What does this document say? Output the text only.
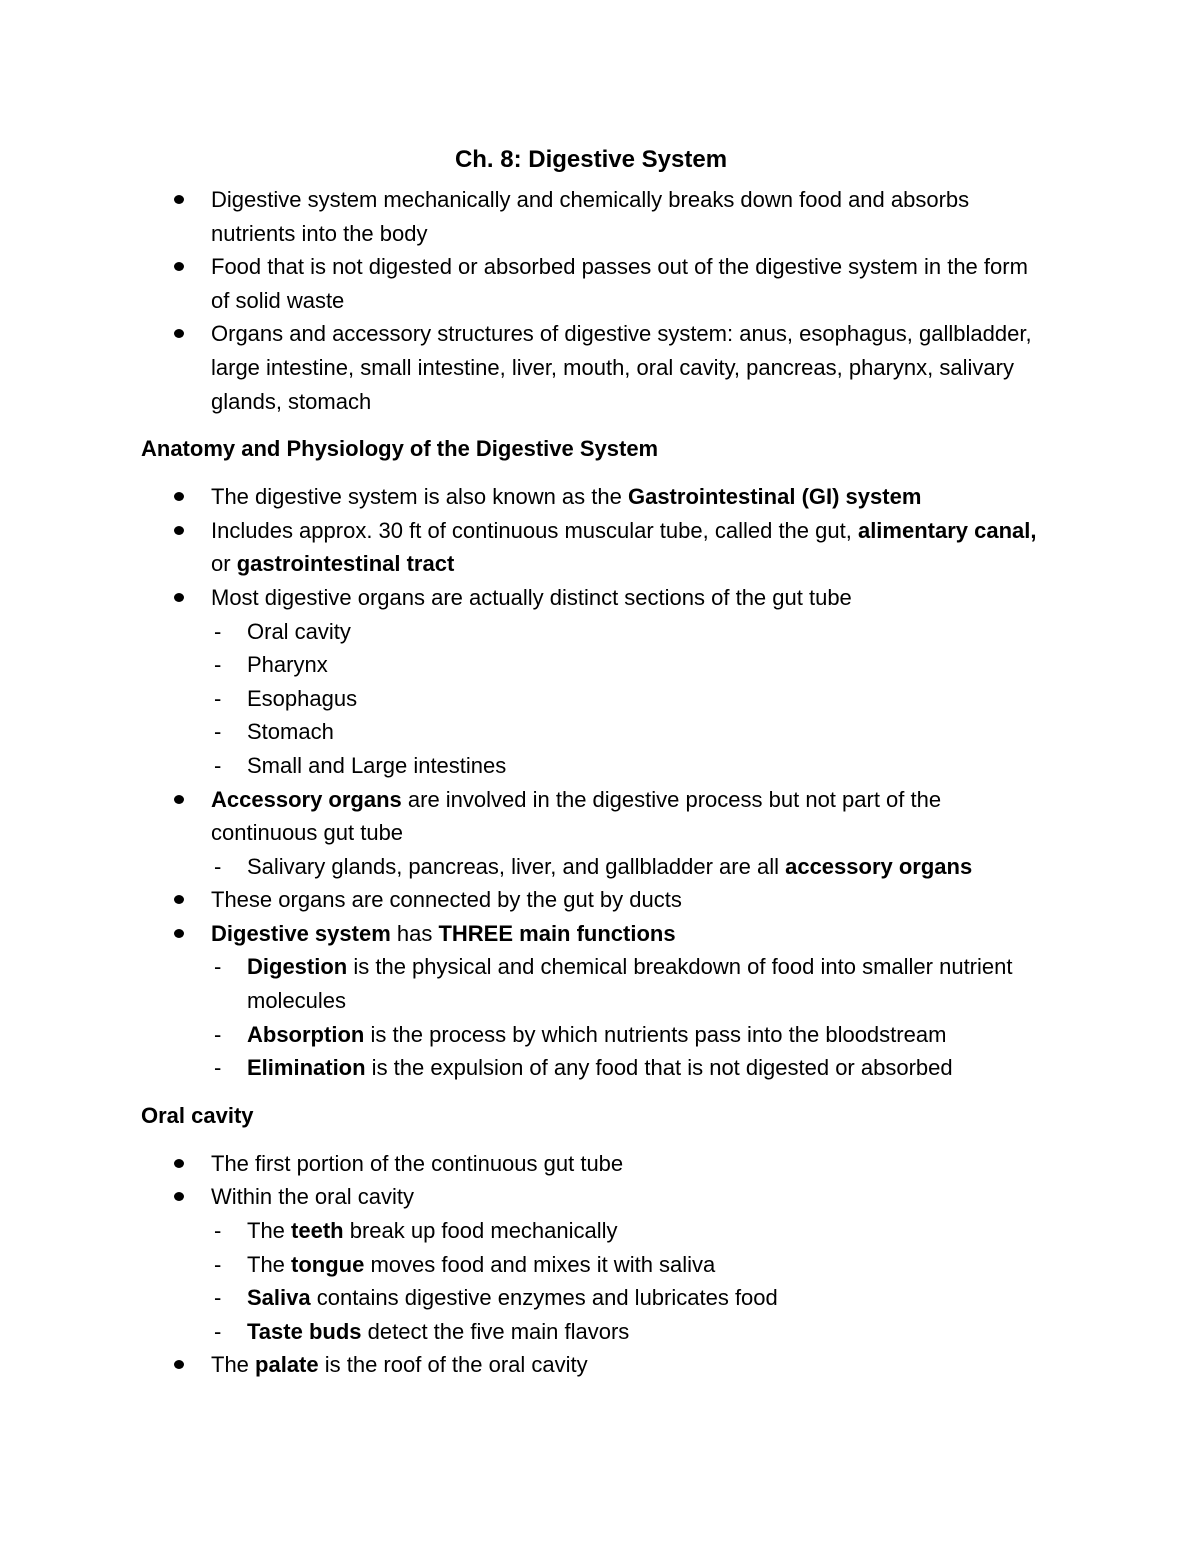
Ch. 8: Digestive System
Digestive system mechanically and chemically breaks down food and absorbs nutrients into the body
Food that is not digested or absorbed passes out of the digestive system in the form of solid waste
Organs and accessory structures of digestive system: anus, esophagus, gallbladder, large intestine, small intestine, liver, mouth, oral cavity, pancreas, pharynx, salivary glands, stomach
Anatomy and Physiology of the Digestive System
The digestive system is also known as the Gastrointestinal (GI) system
Includes approx. 30 ft of continuous muscular tube, called the gut, alimentary canal, or gastrointestinal tract
Most digestive organs are actually distinct sections of the gut tube
- Oral cavity
- Pharynx
- Esophagus
- Stomach
- Small and Large intestines
Accessory organs are involved in the digestive process but not part of the continuous gut tube
- Salivary glands, pancreas, liver, and gallbladder are all accessory organs
These organs are connected by the gut by ducts
Digestive system has THREE main functions
- Digestion is the physical and chemical breakdown of food into smaller nutrient molecules
- Absorption is the process by which nutrients pass into the bloodstream
- Elimination is the expulsion of any food that is not digested or absorbed
Oral cavity
The first portion of the continuous gut tube
Within the oral cavity
- The teeth break up food mechanically
- The tongue moves food and mixes it with saliva
- Saliva contains digestive enzymes and lubricates food
- Taste buds detect the five main flavors
The palate is the roof of the oral cavity
